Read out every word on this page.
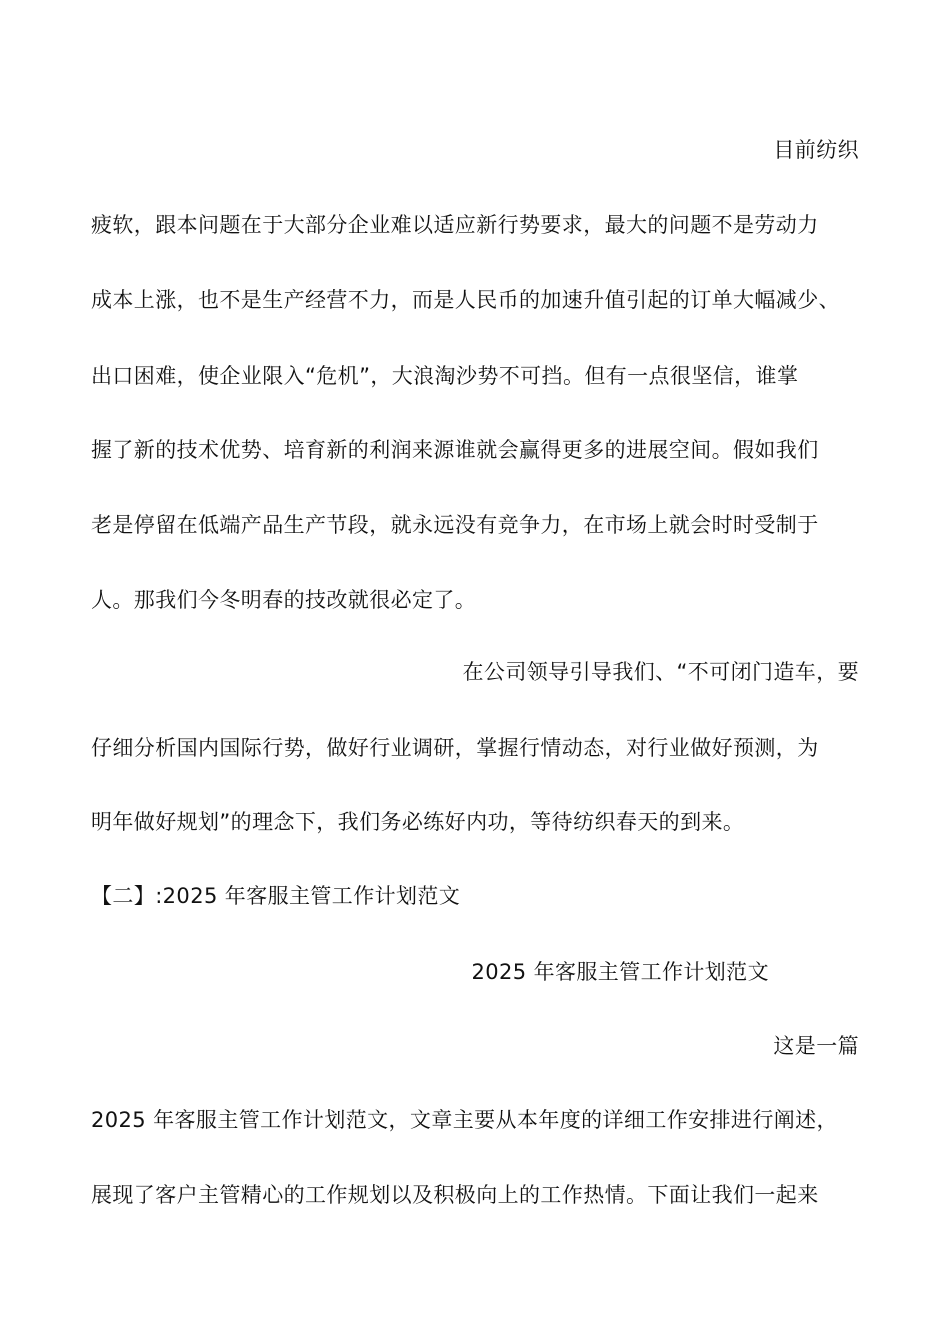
目前纺织
疲软，跟本问题在于大部分企业难以适应新行势要求，最大的问题不是劳动力
成本上涨，也不是生产经营不力，而是人民币的加速升值引起的订单大幅减少、
出口困难，使企业限入“危机”，大浪淘沙势不可挡。但有一点很坚信，谁掌
握了新的技术优势、培育新的利润来源谁就会赢得更多的进展空间。假如我们
老是停留在低端产品生产节段，就永远没有竞争力，在市场上就会时时受制于
人。那我们今冬明春的技改就很必定了。
在公司领导引导我们、“不可闭门造车，要
仔细分析国内国际行势，做好行业调研，掌握行情动态，对行业做好预测，为
明年做好规划”的理念下，我们务必练好内功，等待纺织春天的到来。
【二】:2025 年客服主管工作计划范文
2025 年客服主管工作计划范文
这是一篇
2025 年客服主管工作计划范文，文章主要从本年度的详细工作安排进行阐述，
展现了客户主管精心的工作规划以及积极向上的工作热情。下面让我们一起来
